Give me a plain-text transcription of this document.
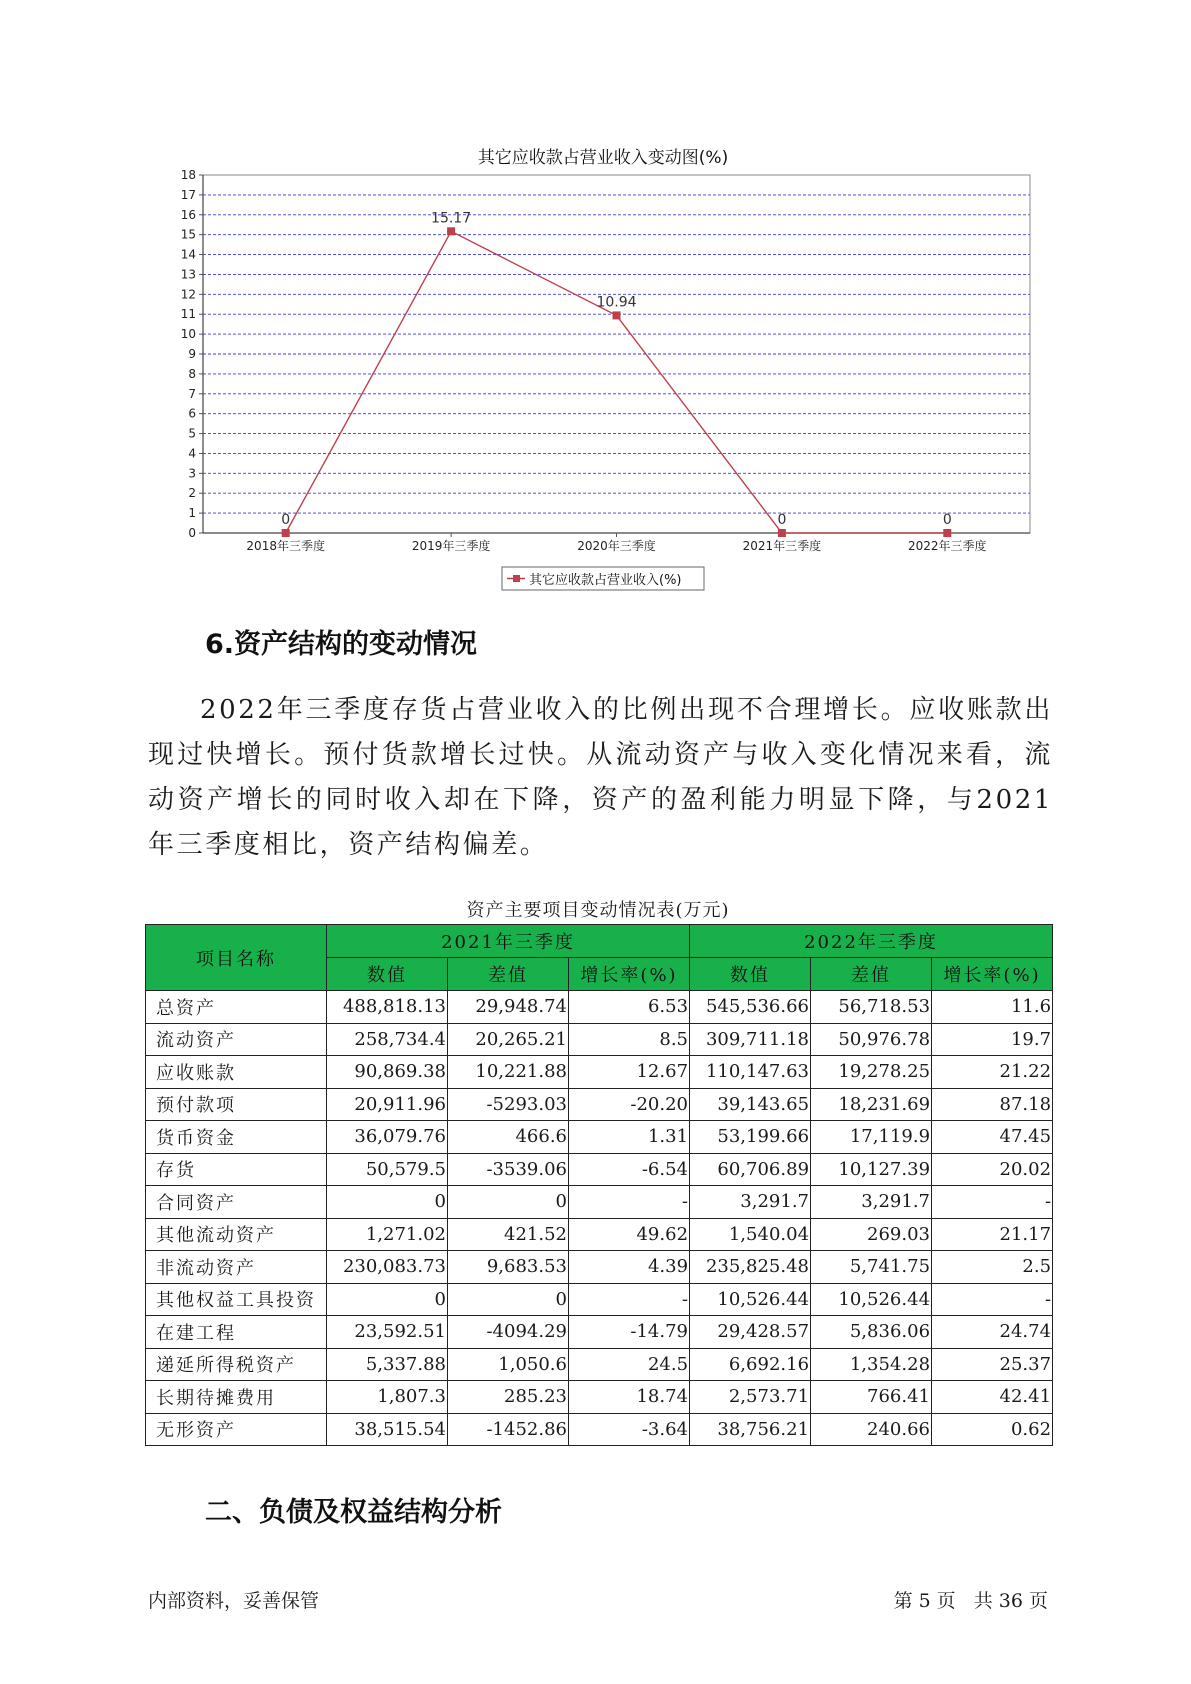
其它应收款占营业收入变动图(%)
0
1
2
3
4
5
6
7
8
9
10
11
12
13
14
15
16
17
18
2018年三季度	2019年三季度	2020年三季度	2021年三季度	2022年三季度
0
15.17
10.94
0	0
其它应收款占营业收入(%)
6.资产结构的变动情况

2022年三季度存货占营业收入的比例出现不合理增长。应收账款出现过快增长。预付货款增长过快。从流动资产与收入变化情况来看，流动资产增长的同时收入却在下降，资产的盈利能力明显下降，与2021年三季度相比，资产结构偏差。

资产主要项目变动情况表(万元)
项目名称	2021年三季度			2022年三季度		
	数值	差值	增长率(%)	数值	差值	增长率(%)
总资产	488,818.13	29,948.74	6.53	545,536.66	56,718.53	11.6
流动资产	258,734.4	20,265.21	8.5	309,711.18	50,976.78	19.7
应收账款	90,869.38	10,221.88	12.67	110,147.63	19,278.25	21.22
预付款项	20,911.96	-5293.03	-20.20	39,143.65	18,231.69	87.18
货币资金	36,079.76	466.6	1.31	53,199.66	17,119.9	47.45
存货	50,579.5	-3539.06	-6.54	60,706.89	10,127.39	20.02
合同资产	0	0	-	3,291.7	3,291.7	-
其他流动资产	1,271.02	421.52	49.62	1,540.04	269.03	21.17
非流动资产	230,083.73	9,683.53	4.39	235,825.48	5,741.75	2.5
其他权益工具投资	0	0	-	10,526.44	10,526.44	-
在建工程	23,592.51	-4094.29	-14.79	29,428.57	5,836.06	24.74
递延所得税资产	5,337.88	1,050.6	24.5	6,692.16	1,354.28	25.37
长期待摊费用	1,807.3	285.23	18.74	2,573.71	766.41	42.41
无形资产	38,515.54	-1452.86	-3.64	38,756.21	240.66	0.62
二、负债及权益结构分析
内部资料，妥善保管	第 5 页 共 36 页
